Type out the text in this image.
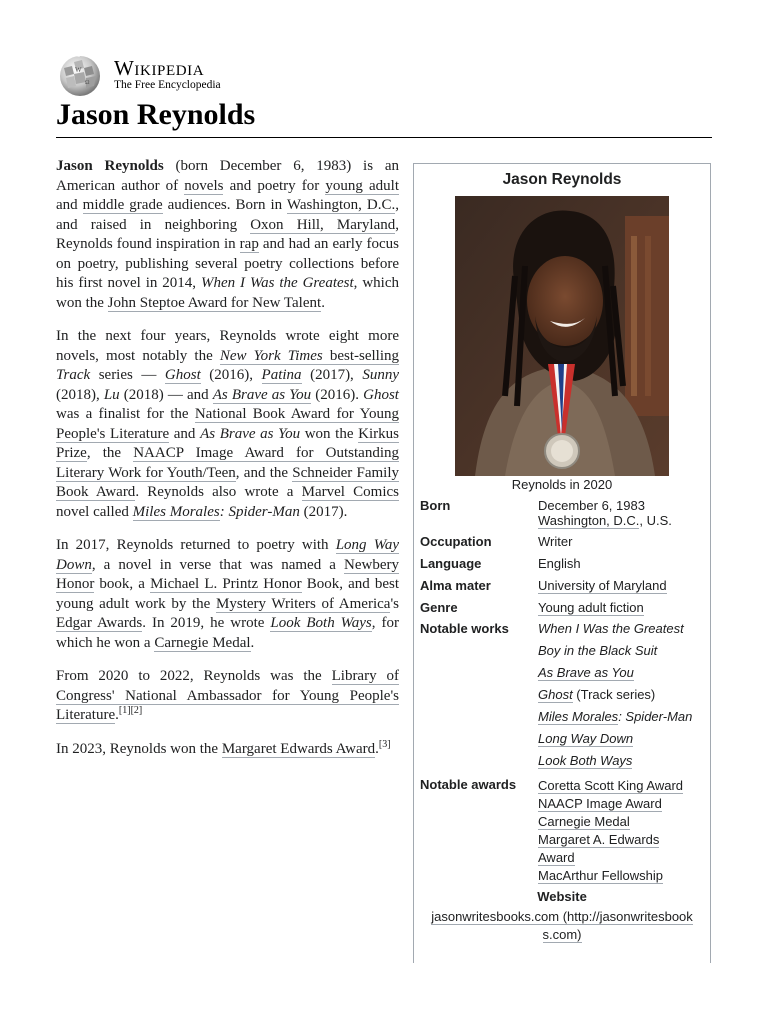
W
Ω
Wikipedia
The Free Encyclopedia
Jason Reynolds

Jason Reynolds (born December 6, 1983) is an American author of novels and poetry for young adult and middle grade audiences. Born in Washington, D.C., and raised in neighboring Oxon Hill, Maryland, Reynolds found inspiration in rap and had an early focus on poetry, publishing several poetry collections before his first novel in 2014, When I Was the Greatest, which won the John Steptoe Award for New Talent.

In the next four years, Reynolds wrote eight more novels, most notably the New York Times best-selling Track series — Ghost (2016), Patina (2017), Sunny (2018), Lu (2018) — and As Brave as You (2016). Ghost was a finalist for the National Book Award for Young People's Literature and As Brave as You won the Kirkus Prize, the NAACP Image Award for Outstanding Literary Work for Youth/Teen, and the Schneider Family Book Award. Reynolds also wrote a Marvel Comics novel called Miles Morales: Spider-Man (2017).

In 2017, Reynolds returned to poetry with Long Way Down, a novel in verse that was named a Newbery Honor book, a Michael L. Printz Honor Book, and best young adult work by the Mystery Writers of America's Edgar Awards. In 2019, he wrote Look Both Ways, for which he won a Carnegie Medal.

From 2020 to 2022, Reynolds was the Library of Congress' National Ambassador for Young People's Literature.[1][2]

In 2023, Reynolds won the Margaret Edwards Award.[3]

Jason Reynolds
Reynolds in 2020
Born	December 6, 1983
Washington, D.C., U.S.
Occupation	Writer
Language	English
Alma mater	University of Maryland
Genre	Young adult fiction
Notable works	When I Was the Greatest
Boy in the Black Suit
As Brave as You
Ghost (Track series)
Miles Morales: Spider-Man
Long Way Down
Look Both Ways
Notable awards	Coretta Scott King Award
NAACP Image Award
Carnegie Medal
Margaret A. Edwards
Award
MacArthur Fellowship
Website
jasonwritesbooks.com (http://jasonwritesbook
s.com)
